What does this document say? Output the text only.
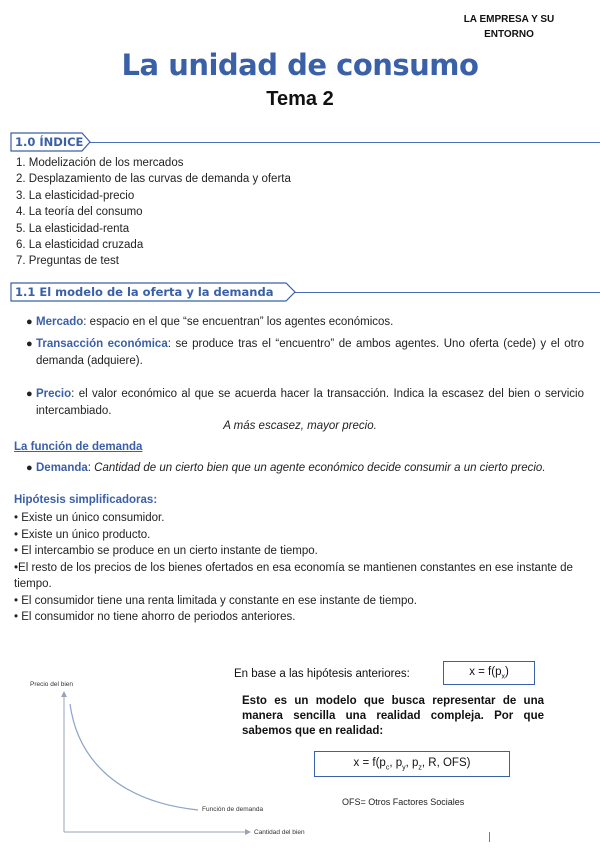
LA EMPRESA Y SU
ENTORNO
La unidad de consumo
Tema 2
1.0 ÍNDICE
1. Modelización de los mercados
2. Desplazamiento de las curvas de demanda y oferta
3. La elasticidad-precio
4. La teoría del consumo
5. La elasticidad-renta
6. La elasticidad cruzada
7. Preguntas de test
1.1 El modelo de la oferta y la demanda
● Mercado: espacio en el que “se encuentran” los agentes económicos.
● Transacción económica: se produce tras el “encuentro” de ambos agentes. Uno oferta (cede) y el otro demanda (adquiere).
● Precio: el valor económico al que se acuerda hacer la transacción. Indica la escasez del bien o servicio intercambiado.
A más escasez, mayor precio.
La función de demanda
● Demanda: Cantidad de un cierto bien que un agente económico decide consumir a un cierto precio.
Hipótesis simplificadoras:
• Existe un único consumidor.
• Existe un único producto.
• El intercambio se produce en un cierto instante de tiempo.
•El resto de los precios de los bienes ofertados en esa economía se mantienen constantes en ese instante de tiempo.
• El consumidor tiene una renta limitada y constante en ese instante de tiempo.
• El consumidor no tiene ahorro de periodos anteriores.
Precio del bien
Cantidad del bien
Función de demanda
En base a las hipótesis anteriores:	$x = f(p_x)$
Esto es un modelo que busca representar de una manera sencilla una realidad compleja. Por que sabemos que en realidad:
$x = f(p_c$, $p_y$, $p_z$, R, OFS)
OFS= Otros Factores Sociales
